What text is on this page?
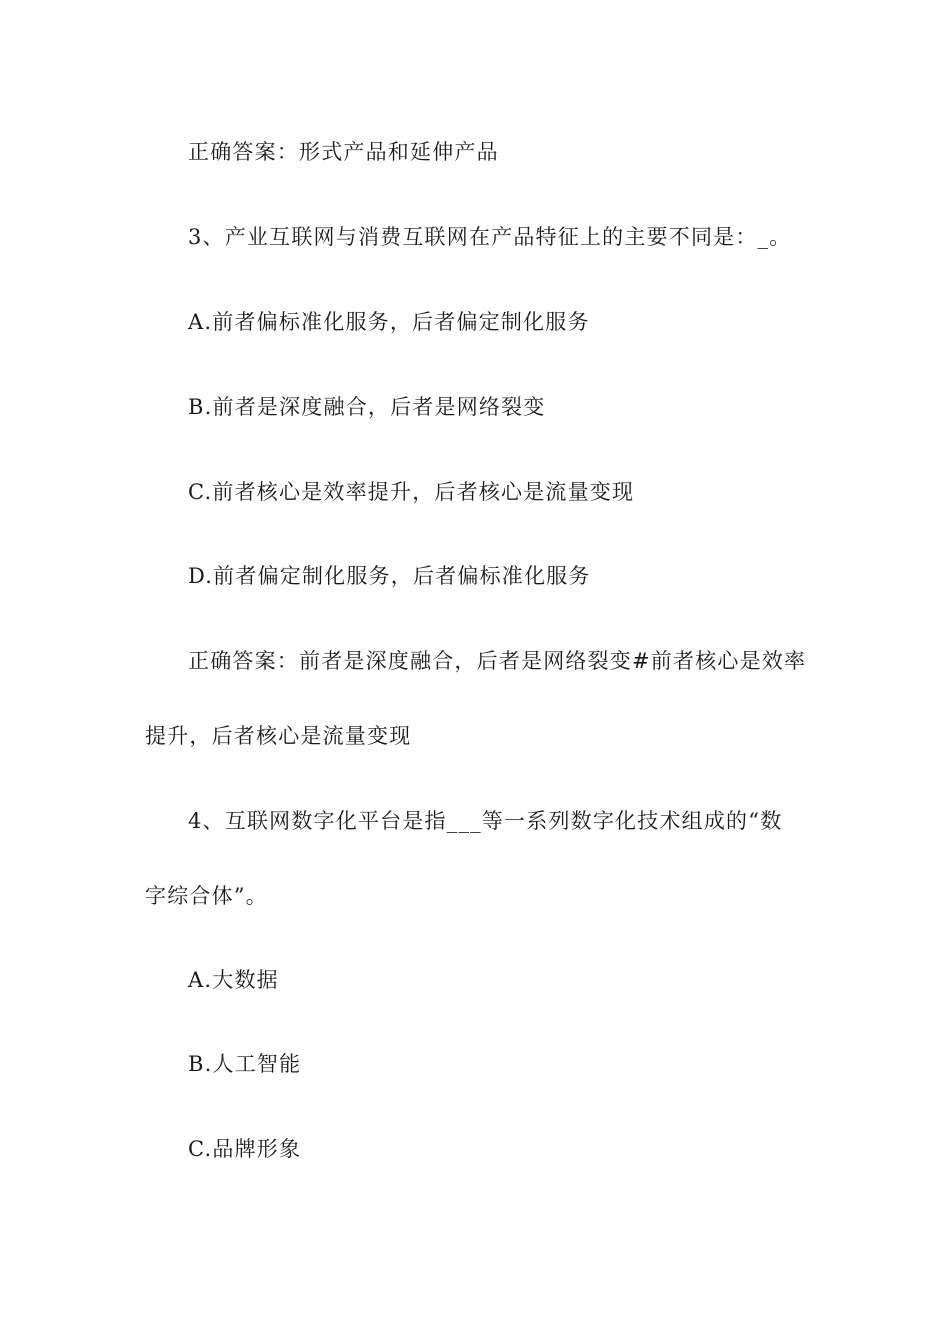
正确答案：形式产品和延伸产品
3、产业互联网与消费互联网在产品特征上的主要不同是：_。
A.前者偏标准化服务，后者偏定制化服务
B.前者是深度融合，后者是网络裂变
C.前者核心是效率提升，后者核心是流量变现
D.前者偏定制化服务，后者偏标准化服务
正确答案：前者是深度融合，后者是网络裂变#前者核心是效率
提升，后者核心是流量变现
4、互联网数字化平台是指___等一系列数字化技术组成的“数
字综合体”。
A.大数据
B.人工智能
C.品牌形象
